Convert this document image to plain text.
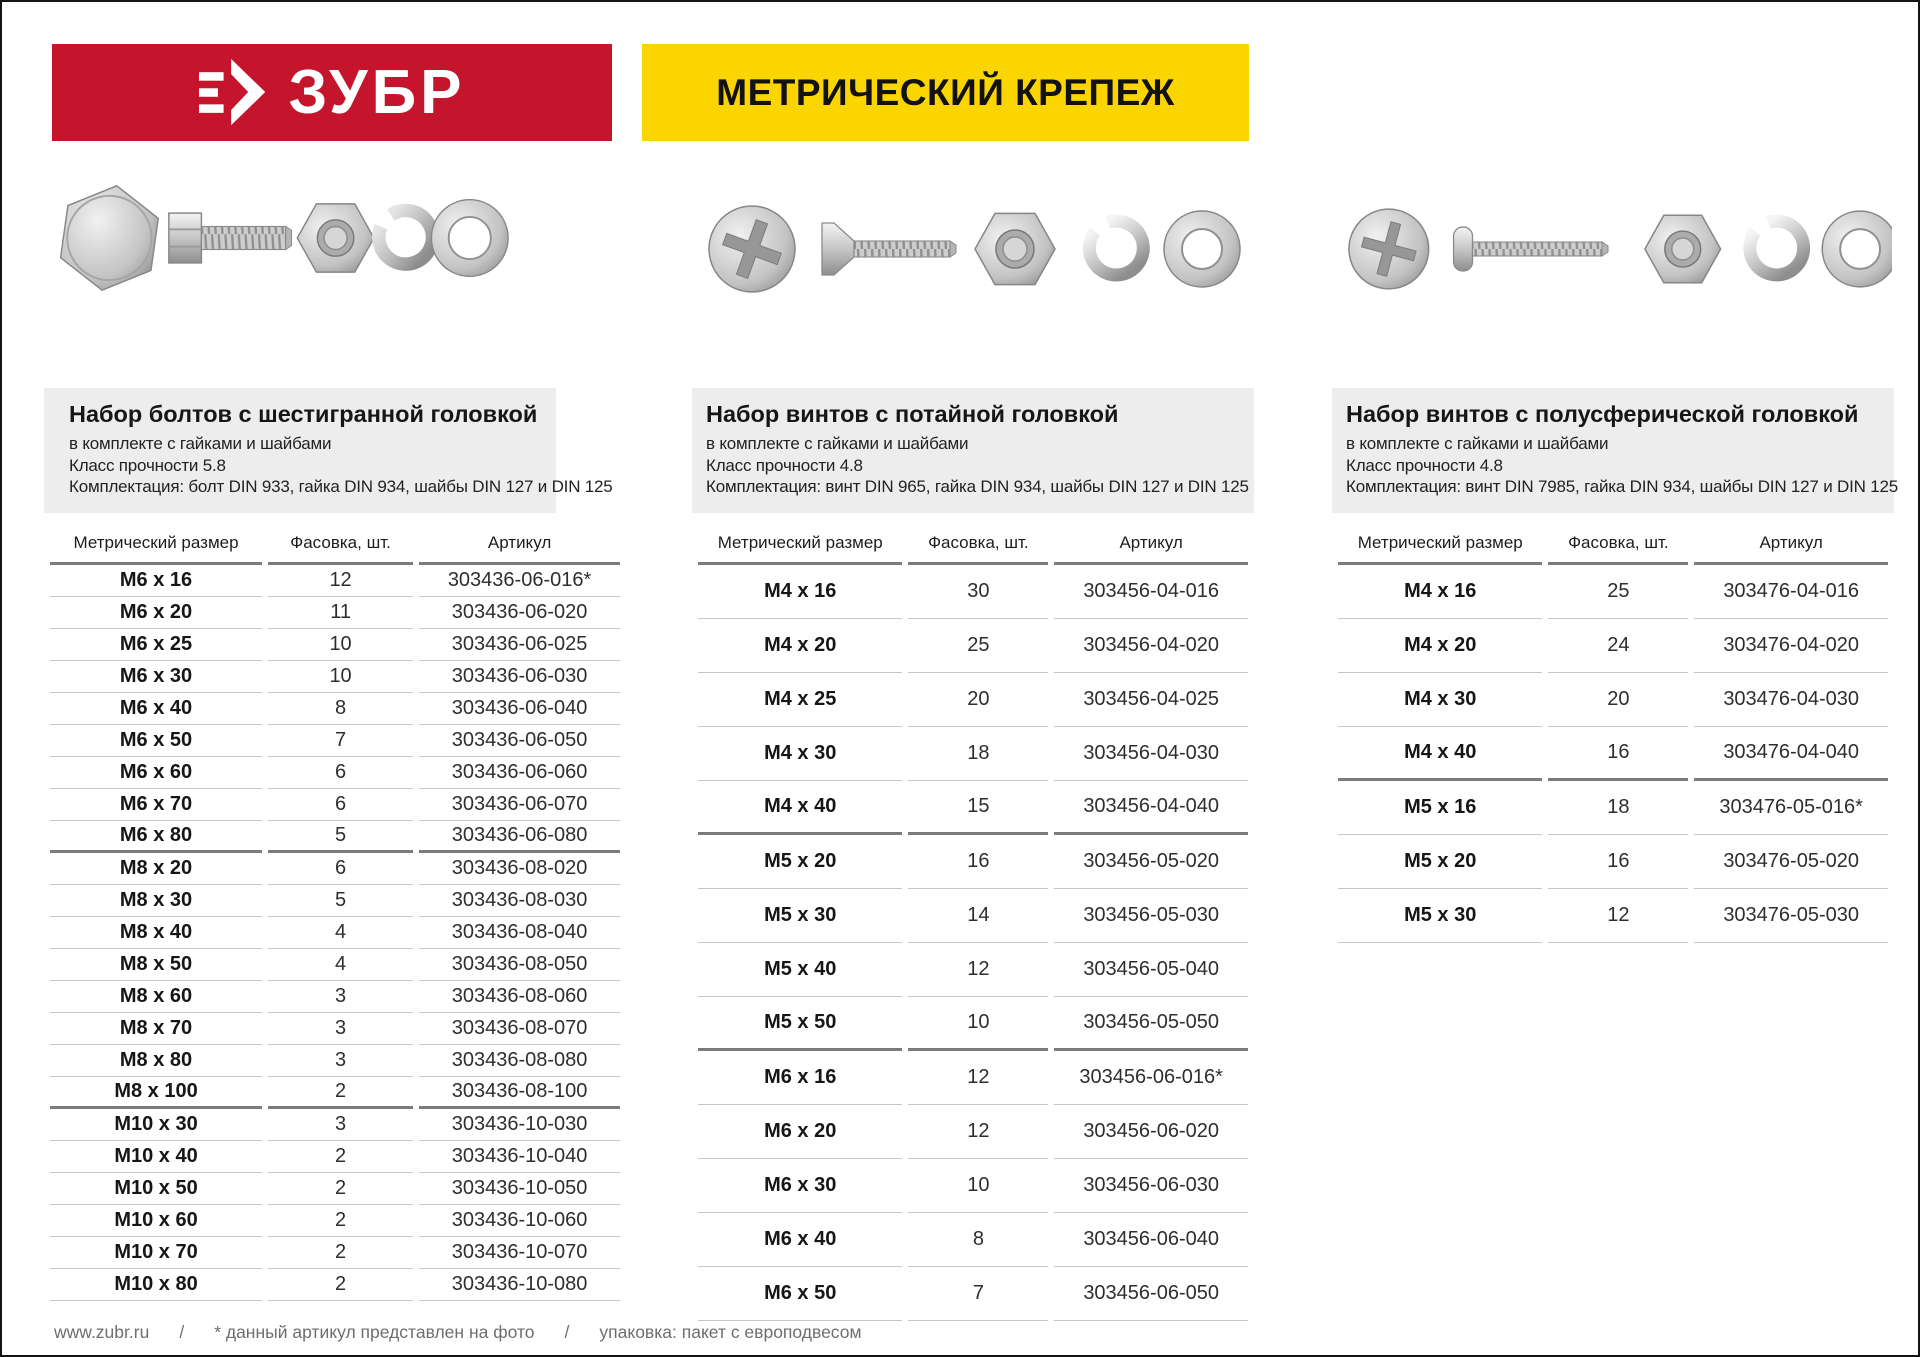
ЗУБР	МЕТРИЧЕСКИЙ КРЕПЕЖ
Набор болтов с шестигранной головкой

в комплекте с гайками и шайбами

Класс прочности 5.8

Комплектация: болт DIN 933, гайка DIN 934, шайбы DIN 127 и DIN 125

Метрический размер	Фасовка, шт.	Артикул
M6 x 16	12	303436-06-016*
M6 x 20	11	303436-06-020
M6 x 25	10	303436-06-025
M6 x 30	10	303436-06-030
M6 x 40	8	303436-06-040
M6 x 50	7	303436-06-050
M6 x 60	6	303436-06-060
M6 x 70	6	303436-06-070
M6 x 80	5	303436-06-080
M8 x 20	6	303436-08-020
M8 x 30	5	303436-08-030
M8 x 40	4	303436-08-040
M8 x 50	4	303436-08-050
M8 x 60	3	303436-08-060
M8 x 70	3	303436-08-070
M8 x 80	3	303436-08-080
M8 x 100	2	303436-08-100
M10 x 30	3	303436-10-030
M10 x 40	2	303436-10-040
M10 x 50	2	303436-10-050
M10 x 60	2	303436-10-060
M10 x 70	2	303436-10-070
M10 x 80	2	303436-10-080
Набор винтов с потайной головкой

в комплекте с гайками и шайбами

Класс прочности 4.8

Комплектация: винт DIN 965, гайка DIN 934, шайбы DIN 127 и DIN 125

Метрический размер	Фасовка, шт.	Артикул
M4 x 16	30	303456-04-016
M4 x 20	25	303456-04-020
M4 x 25	20	303456-04-025
M4 x 30	18	303456-04-030
M4 x 40	15	303456-04-040
M5 x 20	16	303456-05-020
M5 x 30	14	303456-05-030
M5 x 40	12	303456-05-040
M5 x 50	10	303456-05-050
M6 x 16	12	303456-06-016*
M6 x 20	12	303456-06-020
M6 x 30	10	303456-06-030
M6 x 40	8	303456-06-040
M6 x 50	7	303456-06-050
Набор винтов с полусферической головкой

в комплекте с гайками и шайбами

Класс прочности 4.8

Комплектация: винт DIN 7985, гайка DIN 934, шайбы DIN 127 и DIN 125

Метрический размер	Фасовка, шт.	Артикул
M4 x 16	25	303476-04-016
M4 x 20	24	303476-04-020
M4 x 30	20	303476-04-030
M4 x 40	16	303476-04-040
M5 x 16	18	303476-05-016*
M5 x 20	16	303476-05-020
M5 x 30	12	303476-05-030
www.zubr.ru / * данный артикул представлен на фото / упаковка: пакет с европодвесом
